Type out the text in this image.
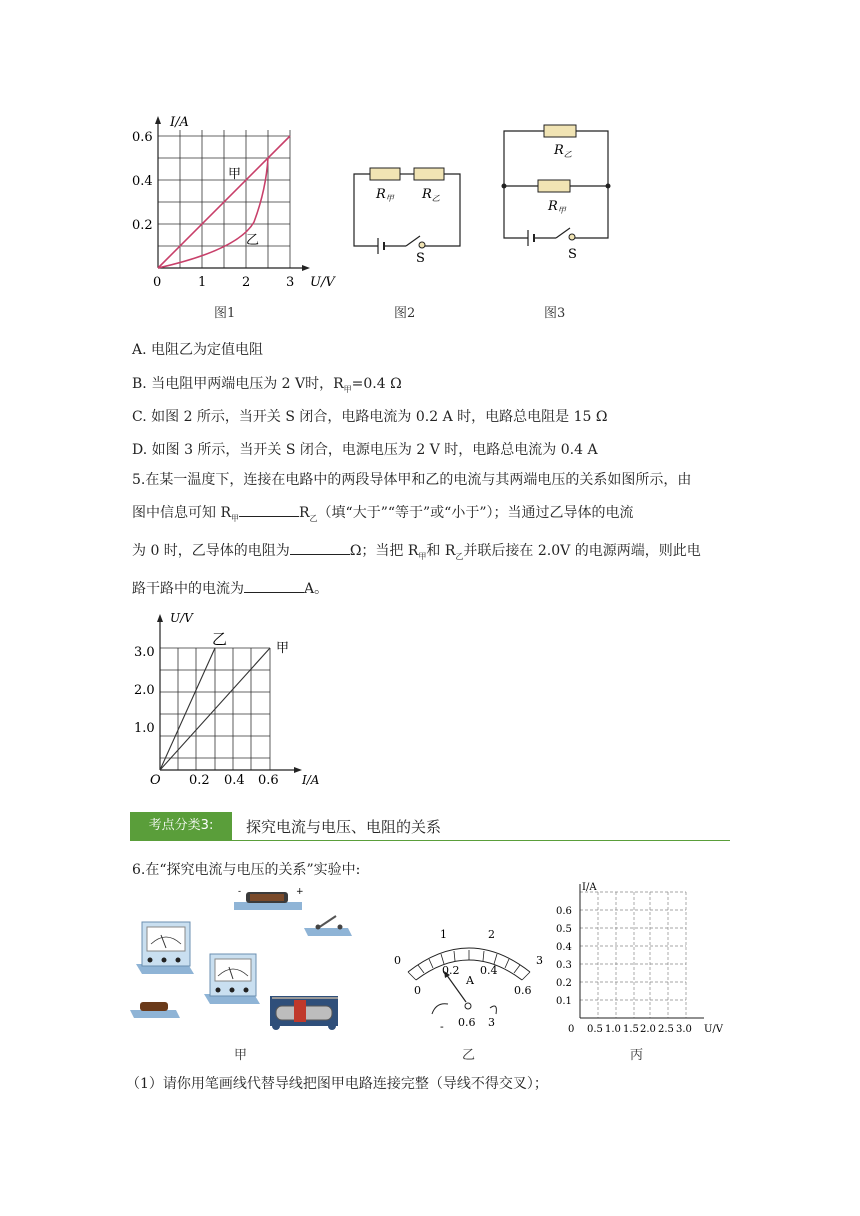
I/A
0.6
0.4
0.2
0	1	2	3 U/V
甲
乙
图1
$R_甲$ $R_乙$
S
图2
$R_乙$
$R_甲$
S
图3
A. 电阻乙为定值电阻
B. 当电阻甲两端电压为 2 V时，$R_甲=0.4$ Ω
C. 如图 2 所示，当开关 S 闭合，电路电流为 0.2 A 时，电路总电阻是 15 Ω
D. 如图 3 所示，当开关 S 闭合，电源电压为 2 V 时，电路总电流为 0.4 A
5.在某一温度下，连接在电路中的两段导体甲和乙的电流与其两端电压的关系如图所示，由
图中信息可知 $R_甲$	$R_乙$（填“大于”“等于”或“小于”）；当通过乙导体的电流
为 0 时，乙导体的电阻为	Ω；当把 $R_甲$和 $R_乙$并联后接在 2.0V 的电源两端，则此电
路干路中的电流为	A。
U/V
3.0
2.0
1.0
O 0.2 0.4 0.6 I/A
乙
甲
考点分类3:	探究电流与电压、电阻的关系
6.在“探究电流与电压的关系”实验中:
-	+
甲
0
1	2
3
0
0.2 0.4
0.6
A
- 0.6 3
乙
I/A
0.6
0.5
0.4
0.3
0.2
0.1
0 0.5 1.0 1.5 2.0 2.5 3.0 U/V
丙
（1）请你用笔画线代替导线把图甲电路连接完整（导线不得交叉）；
